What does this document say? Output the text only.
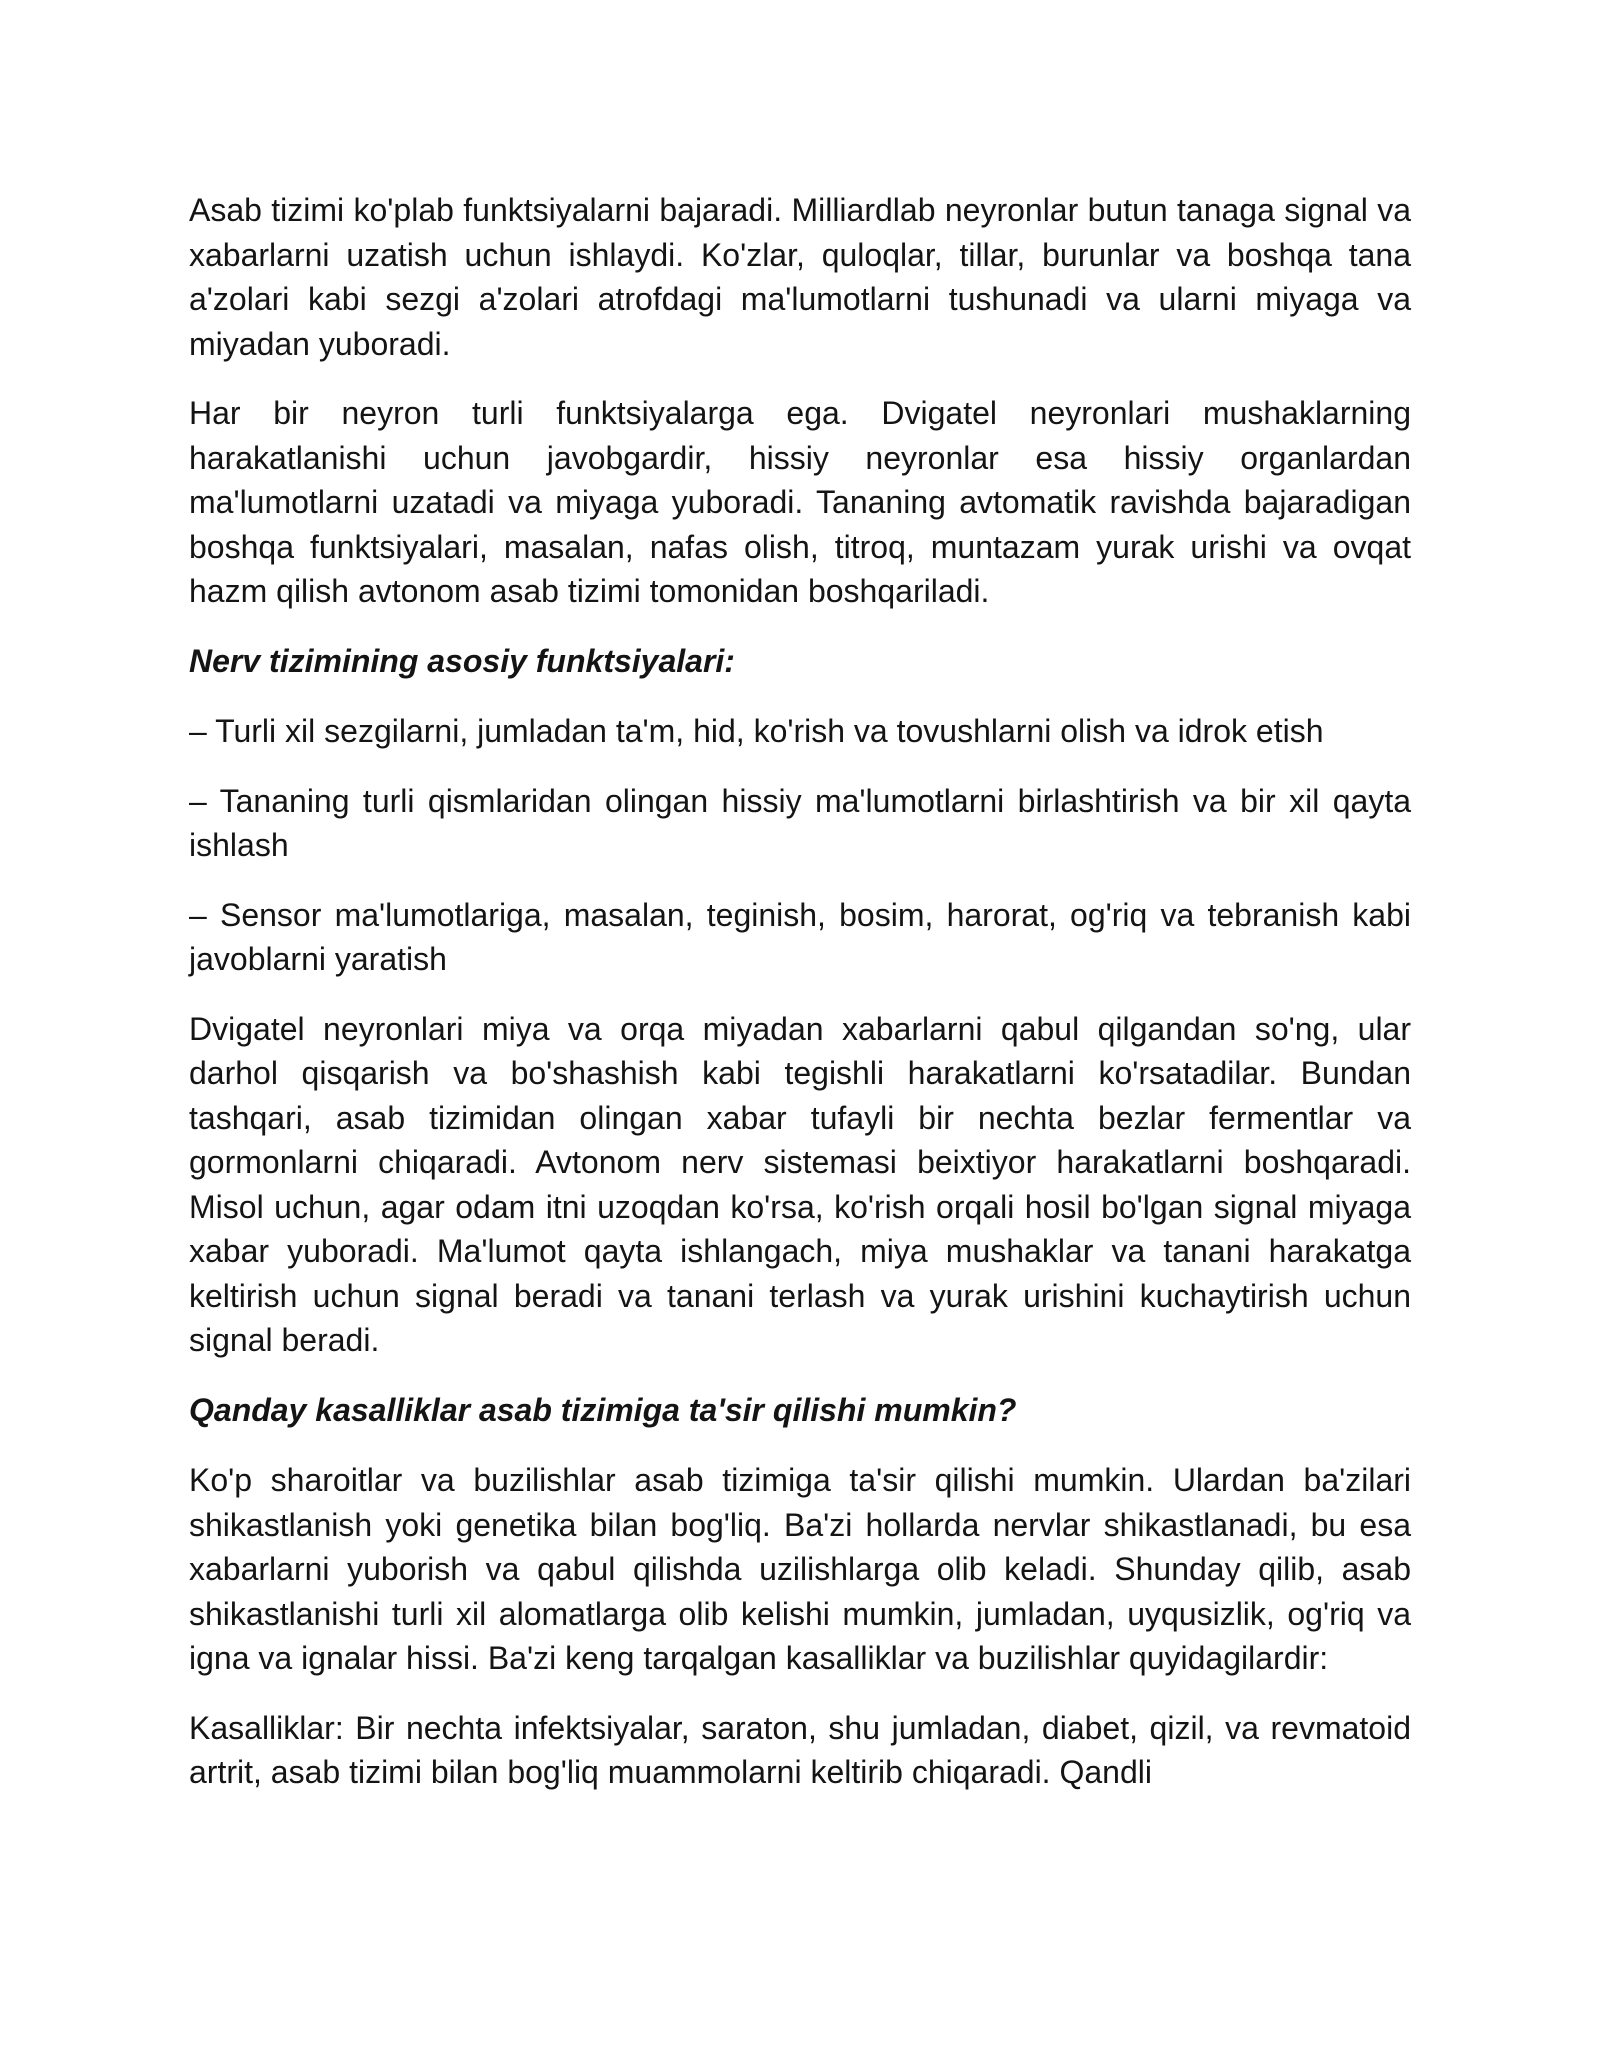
Asab tizimi ko'plab funktsiyalarni bajaradi. Milliardlab neyronlar butun tanaga signal va xabarlarni uzatish uchun ishlaydi. Ko'zlar, quloqlar, tillar, burunlar va boshqa tana a'zolari kabi sezgi a'zolari atrofdagi ma'lumotlarni tushunadi va ularni miyaga va miyadan yuboradi.

Har bir neyron turli funktsiyalarga ega. Dvigatel neyronlari mushaklarning harakatlanishi uchun javobgardir, hissiy neyronlar esa hissiy organlardan ma'lumotlarni uzatadi va miyaga yuboradi. Tananing avtomatik ravishda bajaradigan boshqa funktsiyalari, masalan, nafas olish, titroq, muntazam yurak urishi va ovqat hazm qilish avtonom asab tizimi tomonidan boshqariladi.

Nerv tizimining asosiy funktsiyalari:

– Turli xil sezgilarni, jumladan ta'm, hid, ko'rish va tovushlarni olish va idrok etish

– Tananing turli qismlaridan olingan hissiy ma'lumotlarni birlashtirish va bir xil qayta ishlash

– Sensor ma'lumotlariga, masalan, teginish, bosim, harorat, og'riq va tebranish kabi javoblarni yaratish

Dvigatel neyronlari miya va orqa miyadan xabarlarni qabul qilgandan so'ng, ular darhol qisqarish va bo'shashish kabi tegishli harakatlarni ko'rsatadilar. Bundan tashqari, asab tizimidan olingan xabar tufayli bir nechta bezlar fermentlar va gormonlarni chiqaradi. Avtonom nerv sistemasi beixtiyor harakatlarni boshqaradi. Misol uchun, agar odam itni uzoqdan ko'rsa, ko'rish orqali hosil bo'lgan signal miyaga xabar yuboradi. Ma'lumot qayta ishlangach, miya mushaklar va tanani harakatga keltirish uchun signal beradi va tanani terlash va yurak urishini kuchaytirish uchun signal beradi.

Qanday kasalliklar asab tizimiga ta'sir qilishi mumkin?

Ko'p sharoitlar va buzilishlar asab tizimiga ta'sir qilishi mumkin. Ulardan ba'zilari shikastlanish yoki genetika bilan bog'liq. Ba'zi hollarda nervlar shikastlanadi, bu esa xabarlarni yuborish va qabul qilishda uzilishlarga olib keladi. Shunday qilib, asab shikastlanishi turli xil alomatlarga olib kelishi mumkin, jumladan, uyqusizlik, og'riq va igna va ignalar hissi. Ba'zi keng tarqalgan kasalliklar va buzilishlar quyidagilardir:

Kasalliklar: Bir nechta infektsiyalar, saraton, shu jumladan, diabet, qizil, va revmatoid artrit, asab tizimi bilan bog'liq muammolarni keltirib chiqaradi. Qandli
